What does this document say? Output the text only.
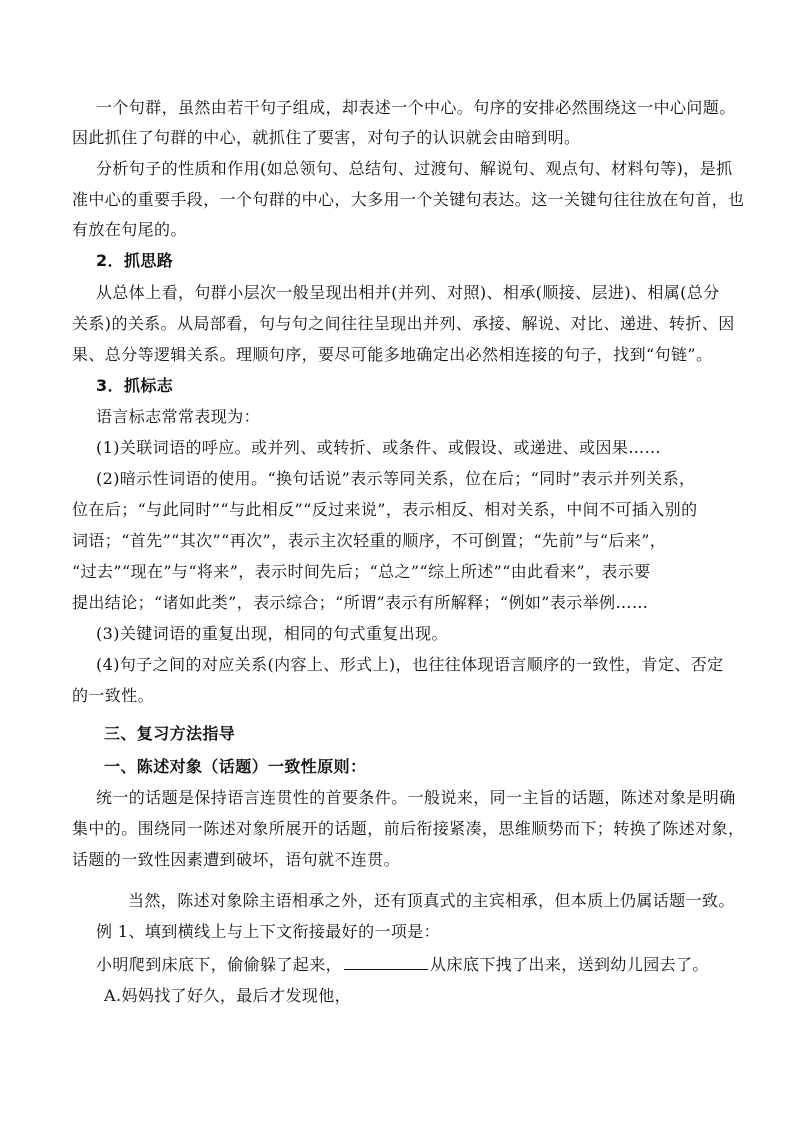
一个句群，虽然由若干句子组成，却表述一个中心。句序的安排必然围绕这一中心问题。
因此抓住了句群的中心，就抓住了要害，对句子的认识就会由暗到明。
分析句子的性质和作用(如总领句、总结句、过渡句、解说句、观点句、材料句等)，是抓
准中心的重要手段，一个句群的中心，大多用一个关键句表达。这一关键句往往放在句首，也
有放在句尾的。
2．抓思路
从总体上看，句群小层次一般呈现出相并(并列、对照)、相承(顺接、层进)、相属(总分
关系)的关系。从局部看，句与句之间往往呈现出并列、承接、解说、对比、递进、转折、因
果、总分等逻辑关系。理顺句序，要尽可能多地确定出必然相连接的句子，找到“句链”。
3．抓标志
语言标志常常表现为：
(1)关联词语的呼应。或并列、或转折、或条件、或假设、或递进、或因果……
(2)暗示性词语的使用。“换句话说”表示等同关系，位在后；“同时”表示并列关系，
位在后；“与此同时”“与此相反”“反过来说”，表示相反、相对关系，中间不可插入别的
词语；“首先”“其次”“再次”，表示主次轻重的顺序，不可倒置；“先前”与“后来”，
“过去”“现在”与“将来”，表示时间先后；“总之”“综上所述”“由此看来”，表示要
提出结论；“诸如此类”，表示综合；“所谓”表示有所解释；“例如”表示举例……
(3)关键词语的重复出现，相同的句式重复出现。
(4)句子之间的对应关系(内容上、形式上)，也往往体现语言顺序的一致性，肯定、否定
的一致性。
三、复习方法指导
一、陈述对象（话题）一致性原则：
统一的话题是保持语言连贯性的首要条件。一般说来，同一主旨的话题，陈述对象是明确
集中的。围绕同一陈述对象所展开的话题，前后衔接紧凑，思维顺势而下；转换了陈述对象，
话题的一致性因素遭到破坏，语句就不连贯。
当然，陈述对象除主语相承之外，还有顶真式的主宾相承，但本质上仍属话题一致。
例 1、填到横线上与上下文衔接最好的一项是：
小明爬到床底下，偷偷躲了起来，	从床底下拽了出来，送到幼儿园去了。
A.妈妈找了好久，最后才发现他，
